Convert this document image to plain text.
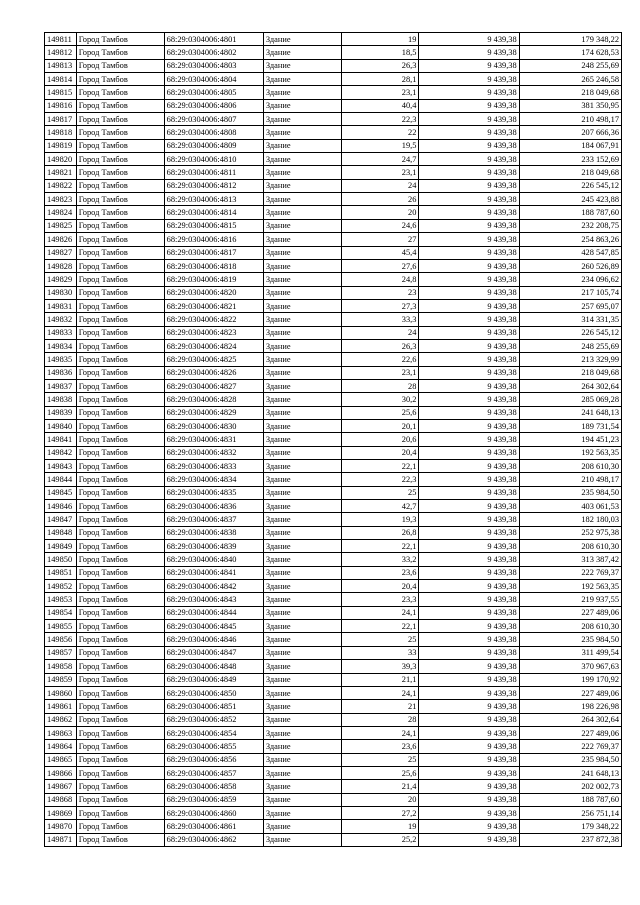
149811	Город Тамбов	68:29:0304006:4801	Здание	19	9 439,38	179 348,22
149812	Город Тамбов	68:29:0304006:4802	Здание	18,5	9 439,38	174 628,53
149813	Город Тамбов	68:29:0304006:4803	Здание	26,3	9 439,38	248 255,69
149814	Город Тамбов	68:29:0304006:4804	Здание	28,1	9 439,38	265 246,58
149815	Город Тамбов	68:29:0304006:4805	Здание	23,1	9 439,38	218 049,68
149816	Город Тамбов	68:29:0304006:4806	Здание	40,4	9 439,38	381 350,95
149817	Город Тамбов	68:29:0304006:4807	Здание	22,3	9 439,38	210 498,17
149818	Город Тамбов	68:29:0304006:4808	Здание	22	9 439,38	207 666,36
149819	Город Тамбов	68:29:0304006:4809	Здание	19,5	9 439,38	184 067,91
149820	Город Тамбов	68:29:0304006:4810	Здание	24,7	9 439,38	233 152,69
149821	Город Тамбов	68:29:0304006:4811	Здание	23,1	9 439,38	218 049,68
149822	Город Тамбов	68:29:0304006:4812	Здание	24	9 439,38	226 545,12
149823	Город Тамбов	68:29:0304006:4813	Здание	26	9 439,38	245 423,88
149824	Город Тамбов	68:29:0304006:4814	Здание	20	9 439,38	188 787,60
149825	Город Тамбов	68:29:0304006:4815	Здание	24,6	9 439,38	232 208,75
149826	Город Тамбов	68:29:0304006:4816	Здание	27	9 439,38	254 863,26
149827	Город Тамбов	68:29:0304006:4817	Здание	45,4	9 439,38	428 547,85
149828	Город Тамбов	68:29:0304006:4818	Здание	27,6	9 439,38	260 526,89
149829	Город Тамбов	68:29:0304006:4819	Здание	24,8	9 439,38	234 096,62
149830	Город Тамбов	68:29:0304006:4820	Здание	23	9 439,38	217 105,74
149831	Город Тамбов	68:29:0304006:4821	Здание	27,3	9 439,38	257 695,07
149832	Город Тамбов	68:29:0304006:4822	Здание	33,3	9 439,38	314 331,35
149833	Город Тамбов	68:29:0304006:4823	Здание	24	9 439,38	226 545,12
149834	Город Тамбов	68:29:0304006:4824	Здание	26,3	9 439,38	248 255,69
149835	Город Тамбов	68:29:0304006:4825	Здание	22,6	9 439,38	213 329,99
149836	Город Тамбов	68:29:0304006:4826	Здание	23,1	9 439,38	218 049,68
149837	Город Тамбов	68:29:0304006:4827	Здание	28	9 439,38	264 302,64
149838	Город Тамбов	68:29:0304006:4828	Здание	30,2	9 439,38	285 069,28
149839	Город Тамбов	68:29:0304006:4829	Здание	25,6	9 439,38	241 648,13
149840	Город Тамбов	68:29:0304006:4830	Здание	20,1	9 439,38	189 731,54
149841	Город Тамбов	68:29:0304006:4831	Здание	20,6	9 439,38	194 451,23
149842	Город Тамбов	68:29:0304006:4832	Здание	20,4	9 439,38	192 563,35
149843	Город Тамбов	68:29:0304006:4833	Здание	22,1	9 439,38	208 610,30
149844	Город Тамбов	68:29:0304006:4834	Здание	22,3	9 439,38	210 498,17
149845	Город Тамбов	68:29:0304006:4835	Здание	25	9 439,38	235 984,50
149846	Город Тамбов	68:29:0304006:4836	Здание	42,7	9 439,38	403 061,53
149847	Город Тамбов	68:29:0304006:4837	Здание	19,3	9 439,38	182 180,03
149848	Город Тамбов	68:29:0304006:4838	Здание	26,8	9 439,38	252 975,38
149849	Город Тамбов	68:29:0304006:4839	Здание	22,1	9 439,38	208 610,30
149850	Город Тамбов	68:29:0304006:4840	Здание	33,2	9 439,38	313 387,42
149851	Город Тамбов	68:29:0304006:4841	Здание	23,6	9 439,38	222 769,37
149852	Город Тамбов	68:29:0304006:4842	Здание	20,4	9 439,38	192 563,35
149853	Город Тамбов	68:29:0304006:4843	Здание	23,3	9 439,38	219 937,55
149854	Город Тамбов	68:29:0304006:4844	Здание	24,1	9 439,38	227 489,06
149855	Город Тамбов	68:29:0304006:4845	Здание	22,1	9 439,38	208 610,30
149856	Город Тамбов	68:29:0304006:4846	Здание	25	9 439,38	235 984,50
149857	Город Тамбов	68:29:0304006:4847	Здание	33	9 439,38	311 499,54
149858	Город Тамбов	68:29:0304006:4848	Здание	39,3	9 439,38	370 967,63
149859	Город Тамбов	68:29:0304006:4849	Здание	21,1	9 439,38	199 170,92
149860	Город Тамбов	68:29:0304006:4850	Здание	24,1	9 439,38	227 489,06
149861	Город Тамбов	68:29:0304006:4851	Здание	21	9 439,38	198 226,98
149862	Город Тамбов	68:29:0304006:4852	Здание	28	9 439,38	264 302,64
149863	Город Тамбов	68:29:0304006:4854	Здание	24,1	9 439,38	227 489,06
149864	Город Тамбов	68:29:0304006:4855	Здание	23,6	9 439,38	222 769,37
149865	Город Тамбов	68:29:0304006:4856	Здание	25	9 439,38	235 984,50
149866	Город Тамбов	68:29:0304006:4857	Здание	25,6	9 439,38	241 648,13
149867	Город Тамбов	68:29:0304006:4858	Здание	21,4	9 439,38	202 002,73
149868	Город Тамбов	68:29:0304006:4859	Здание	20	9 439,38	188 787,60
149869	Город Тамбов	68:29:0304006:4860	Здание	27,2	9 439,38	256 751,14
149870	Город Тамбов	68:29:0304006:4861	Здание	19	9 439,38	179 348,22
149871	Город Тамбов	68:29:0304006:4862	Здание	25,2	9 439,38	237 872,38
